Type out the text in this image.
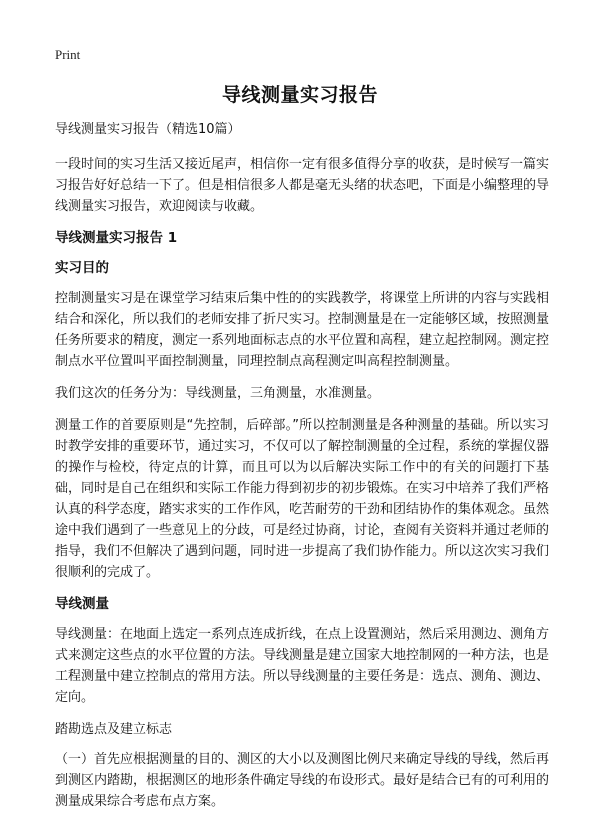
Print
导线测量实习报告

导线测量实习报告（精选10篇）

一段时间的实习生活又接近尾声，相信你一定有很多值得分享的收获，是时候写一篇实习报告好好总结一下了。但是相信很多人都是毫无头绪的状态吧，下面是小编整理的导线测量实习报告，欢迎阅读与收藏。

导线测量实习报告 1

实习目的

控制测量实习是在课堂学习结束后集中性的的实践教学，将课堂上所讲的内容与实践相结合和深化，所以我们的老师安排了折尺实习。控制测量是在一定能够区域，按照测量任务所要求的精度，测定一系列地面标志点的水平位置和高程，建立起控制网。测定控制点水平位置叫平面控制测量，同理控制点高程测定叫高程控制测量。

我们这次的任务分为：导线测量，三角测量，水准测量。

测量工作的首要原则是“先控制，后碎部。”所以控制测量是各种测量的基础。所以实习时教学安排的重要环节，通过实习，不仅可以了解控制测量的全过程，系统的掌握仪器的操作与检校，待定点的计算，而且可以为以后解决实际工作中的有关的问题打下基础，同时是自己在组织和实际工作能力得到初步的初步锻炼。在实习中培养了我们严格认真的科学态度，踏实求实的工作作风，吃苦耐劳的干劲和团结协作的集体观念。虽然途中我们遇到了一些意见上的分歧，可是经过协商，讨论，查阅有关资料并通过老师的指导，我们不但解决了遇到问题，同时进一步提高了我们协作能力。所以这次实习我们很顺利的完成了。

导线测量

导线测量：在地面上选定一系列点连成折线，在点上设置测站，然后采用测边、测角方式来测定这些点的水平位置的方法。导线测量是建立国家大地控制网的一种方法，也是工程测量中建立控制点的常用方法。所以导线测量的主要任务是：选点、测角、测边、定向。

踏勘选点及建立标志

（一）首先应根据测量的目的、测区的大小以及测图比例尺来确定导线的导线，然后再到测区内踏勘，根据测区的地形条件确定导线的布设形式。最好是结合已有的可利用的测量成果综合考虑布点方案。
